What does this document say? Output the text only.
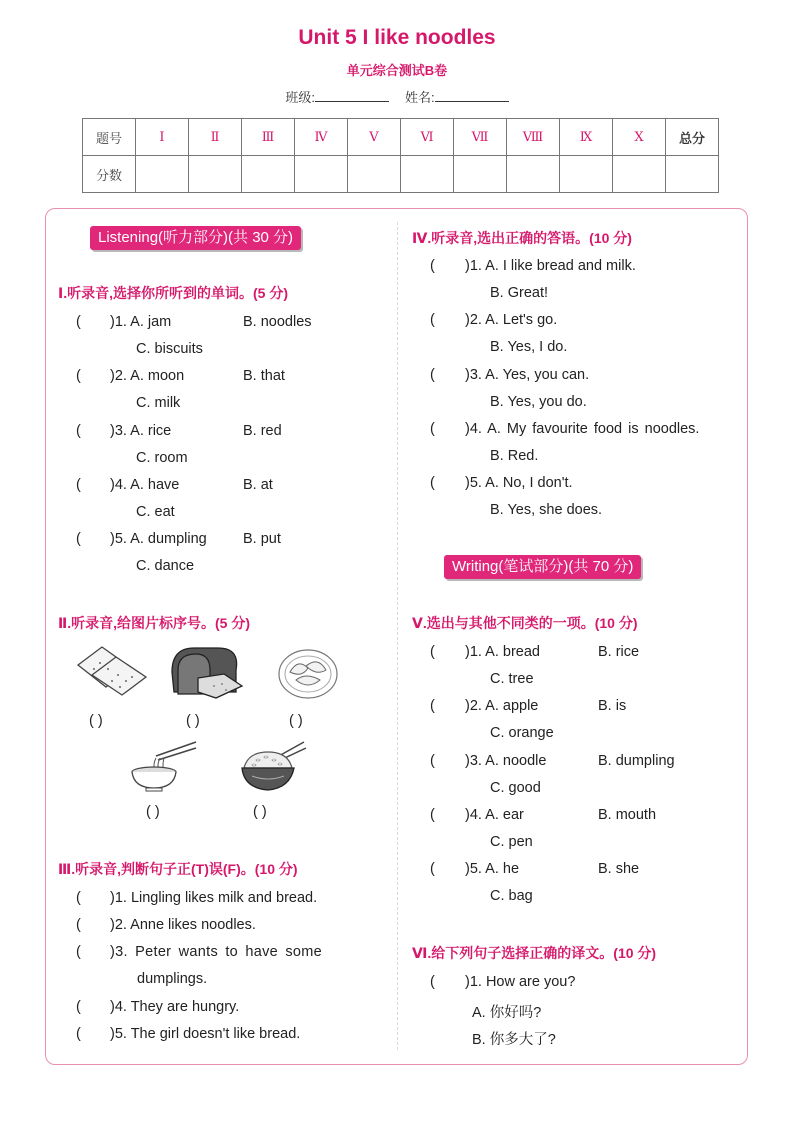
Unit 5 I like noodles
单元综合测试B卷
班级:	姓名:
题号	Ⅰ	Ⅱ	Ⅲ	Ⅳ	Ⅴ	Ⅵ	Ⅶ	Ⅷ	Ⅸ	Ⅹ	总分
分数											
Listening(听力部分)(共 30 分)
Ⅰ.听录音,选择你所听到的单词。(5 分)
( )1. A. jam	B. noodles
C. biscuits
( )2. A. moon	B. that
C. milk
( )3. A. rice	B. red
C. room
( )4. A. have	B. at
C. eat
( )5. A. dumpling	B. put
C. dance
Ⅱ.听录音,给图片标序号。(5 分)
( )	( )	( )
( )	( )
Ⅲ.听录音,判断句子正(T)误(F)。(10 分)
( )1. Lingling likes milk and bread.
( )2. Anne likes noodles.
( )3. Peter wants to have some
dumplings.
( )4. They are hungry.
( )5. The girl doesn't like bread.
Ⅳ.听录音,选出正确的答语。(10 分)
( )1. A. I like bread and milk.
B. Great!
( )2. A. Let's go.
B. Yes, I do.
( )3. A. Yes, you can.
B. Yes, you do.
( )4. A. My favourite food is noodles.
B. Red.
( )5. A. No, I don't.
B. Yes, she does.
Writing(笔试部分)(共 70 分)
Ⅴ.选出与其他不同类的一项。(10 分)
( )1. A. bread	B. rice
C. tree
( )2. A. apple	B. is
C. orange
( )3. A. noodle	B. dumpling
C. good
( )4. A. ear	B. mouth
C. pen
( )5. A. he	B. she
C. bag
Ⅵ.给下列句子选择正确的译文。(10 分)
( )1. How are you?
A. 你好吗?
B. 你多大了?
